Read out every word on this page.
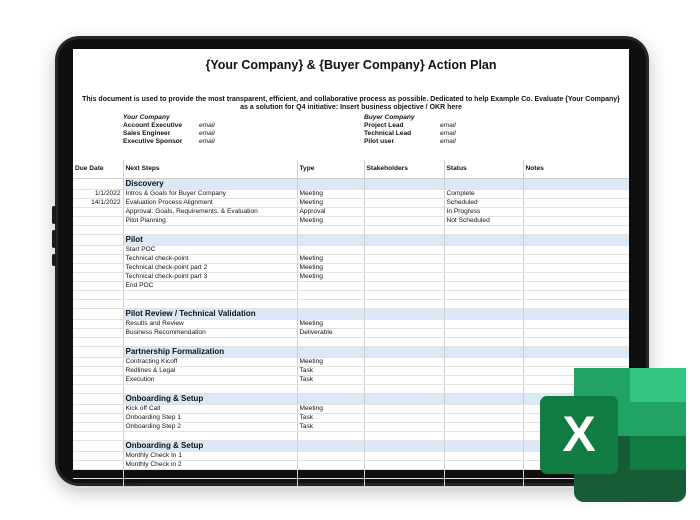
{Your Company} & {Buyer Company} Action Plan
This document is used to provide the most transparent, efficient, and collaborative process as possible. Dedicated to help Example Co. Evaluate {Your Company} as a solution for Q4 initiative: Insert business objective / OKR here
Your Company
Account Executive	email
Sales Engineer	email
Executive Sponsor	email
Buyer Company
Project Lead	email
Technical Lead	email
Pilot user	email
Due Date	Next Steps	Type	Stakeholders	Status	Notes
	Discovery				
1/1/2022	Intros & Goals for Buyer Company	Meeting		Complete	
14/1/2022	Evaluation Process Alignment	Meeting		Scheduled	
	Approval: Goals, Requirements, & Evaluation	Approval		In Progress	
	Pilot Planning	Meeting		Not Scheduled	

	Pilot				
	Start POC				
	Technical check-point	Meeting			
	Technical check-point part 2	Meeting			
	Technical check-point part 3	Meeting			
	End POC				

	Pilot Review / Technical Validation				
	Results and Review	Meeting			
	Business Recommendation	Deliverable			

	Partnership Formalization				
	Contracting Kicoff	Meeting			
	Redlines & Legal	Task			
	Execution	Task			

	Onboarding & Setup				
	Kick off Call	Meeting			
	Onboarding Step 1	Task			
	Onboarding Step 2	Task			

	Onboarding & Setup				
	Monthly Check In 1				
	Monthly Check in 2				
	QBR 1				
	QBR 2				
X
